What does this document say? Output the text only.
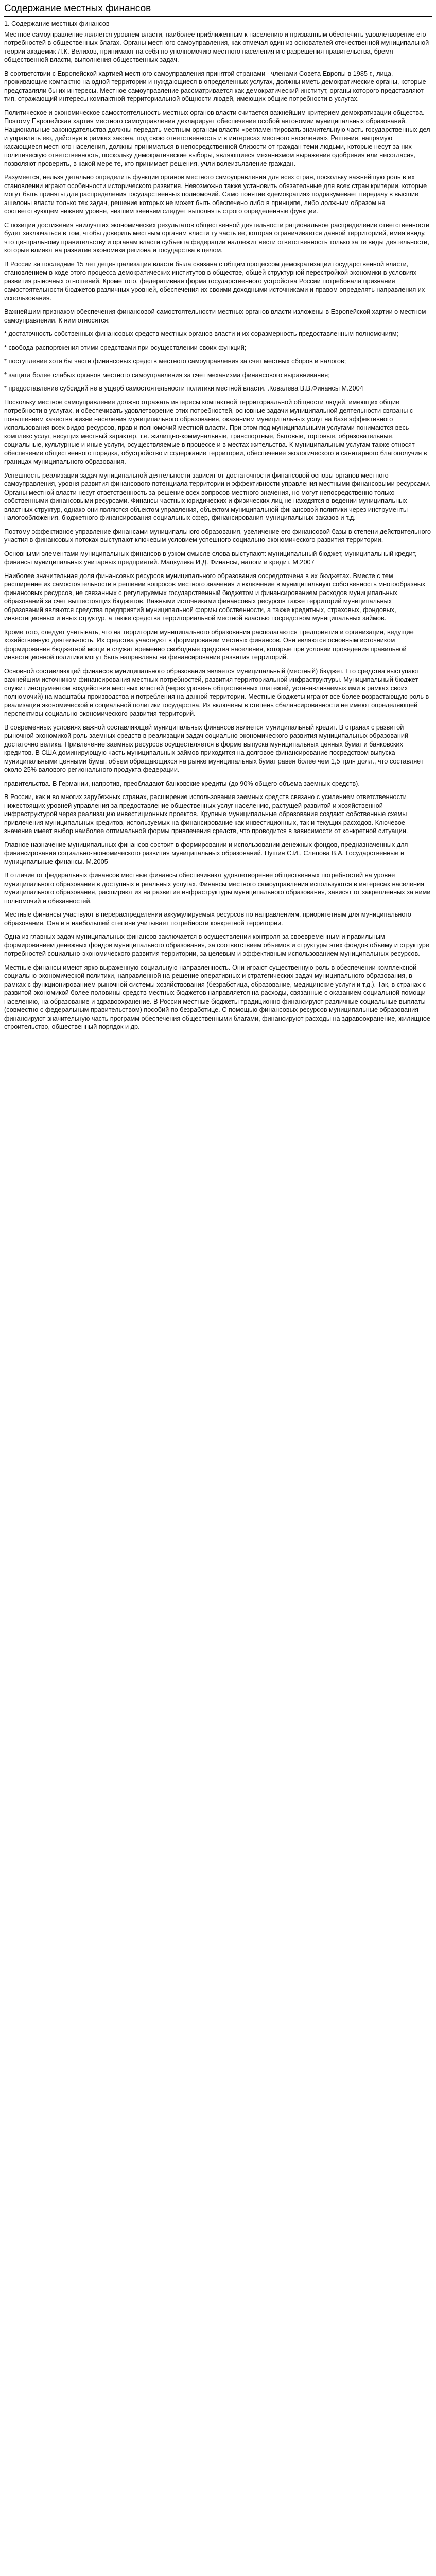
Содержание местных финансов

1. Содержание местных финансов

Местное самоуправление является уровнем власти, наиболее приближенным к населению и призванным обеспечить удовлетворение его потребностей в общественных благах. Органы местного самоуправления, как отмечал один из основателей отечественной муниципальной теории академик Л.К. Велихов, принимают на себя по уполномочию местного населения и с разрешения правительства, бремя общественной власти, выполнения общественных задач.

В соответствии с Европейской хартией местного самоуправления принятой странами - членами Совета Европы в 1985 г., лица, проживающие компактно на одной территории и нуждающиеся в определенных услугах, должны иметь демократические органы, которые представляли бы их интересы. Местное самоуправление рассматривается как демократический институт, органы которого представляют тип, отражающий интересы компактной территориальной общности людей, имеющих общие потребности в услугах.

Политическое и экономическое самостоятельность местных органов власти считается важнейшим критерием демократизации общества. Поэтому Европейская хартия местного самоуправления декларирует обеспечение особой автономии муниципальных образований. Национальные законодательства должны передать местным органам власти «регламентировать значительную часть государственных дел и управлять ею, действуя в рамках закона, под свою ответственность и в интересах местного населения». Решения, напрямую касающиеся местного населения, должны приниматься в непосредственной близости от граждан теми людьми, которые несут за них политическую ответственность, поскольку демократические выборы, являющиеся механизмом выражения одобрения или несогласия, позволяют проверить, в какой мере те, кто принимает решения, учли волеизъявление граждан.

Разумеется, нельзя детально определить функции органов местного самоуправления для всех стран, поскольку важнейшую роль в их становлении играют особенности исторического развития. Невозможно также установить обязательные для всех стран критерии, которые могут быть приняты для распределения государственных полномочий. Само понятие «демократия» подразумевает передачу в высшие эшелоны власти только тех задач, решение которых не может быть обеспечено либо в принципе, либо должным образом на соответствующем нижнем уровне, низшим звеньям следует выполнять строго определенные функции.

С позиции достижения наилучших экономических результатов общественной деятельности рациональное распределение ответственности будет заключаться в том, чтобы доверить местным органам власти ту часть ее, которая ограничивается данной территорией, имея ввиду, что центральному правительству и органам власти субъекта федерации надлежит нести ответственность только за те виды деятельности, которые влияют на развитие экономики региона и государства в целом.

В России за последние 15 лет децентрализация власти была связана с общим процессом демократизации государственной власти, становлением в ходе этого процесса демократических институтов в обществе, общей структурной перестройкой экономики в условиях развития рыночных отношений. Кроме того, федеративная форма государственного устройства России потребовала признания самостоятельности бюджетов различных уровней, обеспечения их своими доходными источниками и правом определять направления их использования.

Важнейшим признаком обеспечения финансовой самостоятельности местных органов власти изложены в Европейской хартии о местном самоуправлении. К ним относятся:

* достаточность собственных финансовых средств местных органов власти и их соразмерность предоставленным полномочиям;

* свобода распоряжения этими средствами при осуществлении своих функций;

* поступление хотя бы части финансовых средств местного самоуправления за счет местных сборов и налогов;

* защита более слабых органов местного самоуправления за счет механизма финансового выравнивания;

* предоставление субсидий не в ущерб самостоятельности политики местной власти. .Ковалева В.В.Финансы М.2004

Поскольку местное самоуправление должно отражать интересы компактной территориальной общности людей, имеющих общие потребности в услугах, и обеспечивать удовлетворение этих потребностей, основные задачи муниципальной деятельности связаны с повышением качества жизни населения муниципального образования, оказанием муниципальных услуг на базе эффективного использования всех видов ресурсов, прав и полномочий местной власти. При этом под муниципальными услугами понимаются весь комплекс услуг, несущих местный характер, т.е. жилищно-коммунальные, транспортные, бытовые, торговые, образовательные, социальные, культурные и иные услуги, осуществляемые в процессе и в местах жительства. К муниципальным услугам также относят обеспечение общественного порядка, обустройство и содержание территории, обеспечение экологического и санитарного благополучия в границах муниципального образования.

Успешность реализации задач муниципальной деятельности зависит от достаточности финансовой основы органов местного самоуправления, уровня развития финансового потенциала территории и эффективности управления местными финансовыми ресурсами. Органы местной власти несут ответственность за решение всех вопросов местного значения, но могут непосредственно только собственными финансовыми ресурсами. Финансы частных юридических и физических лиц не находятся в ведении муниципальных властных структур, однако они являются объектом управления, объектом муниципальной финансовой политики через инструменты налогообложения, бюджетного финансирования социальных сфер, финансирования муниципальных заказов и т.д.

Поэтому эффективное управление финансами муниципального образования, увеличение его финансовой базы в степени действительного участия в финансовых потоках выступают ключевым условием успешного социально-экономического развития территории.

Основными элементами муниципальных финансов в узком смысле слова выступают: муниципальный бюджет, муниципальный кредит, финансы муниципальных унитарных предприятий. Мацкуляка И.Д. Финансы, налоги и кредит. М.2007

Наиболее значительная доля финансовых ресурсов муниципального образования сосредоточена в их бюджетах. Вместе с тем расширение их самостоятельности в решении вопросов местного значения и включение в муниципальную собственность многообразных финансовых ресурсов, не связанных с регулируемых государственный бюджетом и финансированием расходов муниципальных образований за счет вышестоящих бюджетов. Важными источниками финансовых ресурсов также территорий муниципальных образований являются средства предприятий муниципальной формы собственности, а также кредитных, страховых, фондовых, инвестиционных и иных структур, а также средства территориальной местной властью посредством муниципальных займов.

Кроме того, следует учитывать, что на территории муниципального образования располагаются предприятия и организации, ведущие хозяйственную деятельность. Их средства участвуют в формировании местных финансов. Они являются основным источником формирования бюджетной мощи и служат временно свободные средства населения, которые при условии проведения правильной инвестиционной политики могут быть направлены на финансирование развития территорий.

Основной составляющей финансов муниципального образования является муниципальный (местный) бюджет. Его средства выступают важнейшим источником финансирования местных потребностей, развития территориальной инфраструктуры. Муниципальный бюджет служит инструментом воздействия местных властей (через уровень общественных платежей, устанавливаемых ими в рамках своих полномочий) на масштабы производства и потребления на данной территории. Местные бюджеты играют все более возрастающую роль в реализации экономической и социальной политики государства. Их включены в степень сбалансированности не имеют определяющей перспективы социально-экономического развития территорий.

В современных условиях важной составляющей муниципальных финансов является муниципальный кредит. В странах с развитой рыночной экономикой роль заемных средств в реализации задач социально-экономического развития муниципальных образований достаточно велика. Привлечение заемных ресурсов осуществляется в форме выпуска муниципальных ценных бумаг и банковских кредитов. В США доминирующую часть муниципальных займов приходится на долговое финансирование посредством выпуска муниципальными ценными бумаг, объем обращающихся на рынке муниципальных бумаг равен более чем 1,5 трлн долл., что составляет около 25% валового регионального продукта федерации.

правительства. В Германии, напротив, преобладают банковские кредиты (до 90% общего объема заемных средств).

В России, как и во многих зарубежных странах, расширение использования заемных средств связано с усилением ответственности нижестоящих уровней управления за предоставление общественных услуг населению, растущей развитой и хозяйственной инфраструктурой через реализацию инвестиционных проектов. Крупные муниципальные образования создают собственные схемы привлечения муниципальных кредитов, используемых на финансирование как инвестиционных, так и текущих расходов. Ключевое значение имеет выбор наиболее оптимальной формы привлечения средств, что проводится в зависимости от конкретной ситуации.

Главное назначение муниципальных финансов состоит в формировании и использовании денежных фондов, предназначенных для финансирования социально-экономического развития муниципальных образований. Пушин С.И., Слепова В.А. Государственные и муниципальные финансы. М.2005

В отличие от федеральных финансов местные финансы обеспечивают удовлетворение общественных потребностей на уровне муниципального образования в доступных и реальных услугах. Финансы местного самоуправления используются в интересах населения муниципального образования, расширяют их на развитие инфраструктуры муниципального образования, зависят от закрепленных за ними полномочий и обязанностей.

Местные финансы участвуют в перераспределении аккумулируемых ресурсов по направлениям, приоритетным для муниципального образования. Она и в наибольшей степени учитывает потребности конкретной территории.

Одна из главных задач муниципальных финансов заключается в осуществлении контроля за своевременным и правильным формированием денежных фондов муниципального образования, за соответствием объемов и структуры этих фондов объему и структуре потребностей социально-экономического развития территории, за целевым и эффективным использованием муниципальных ресурсов.

Местные финансы имеют ярко выраженную социальную направленность. Они играют существенную роль в обеспечении комплексной социально-экономической политики, направленной на решение оперативных и стратегических задач муниципального образования, в рамках с функционированием рыночной системы хозяйствования (безработица, образование, медицинские услуги и т.д.). Так, в странах с развитой экономикой более половины средств местных бюджетов направляется на расходы, связанные с оказанием социальной помощи населению, на образование и здравоохранение. В России местные бюджеты традиционно финансируют различные социальные выплаты (совместно с федеральным правительством) пособий по безработице. С помощью финансовых ресурсов муниципальные образования финансируют значительную часть программ обеспечения общественными благами, финансируют расходы на здравоохранение, жилищное строительство, общественный порядок и др.
